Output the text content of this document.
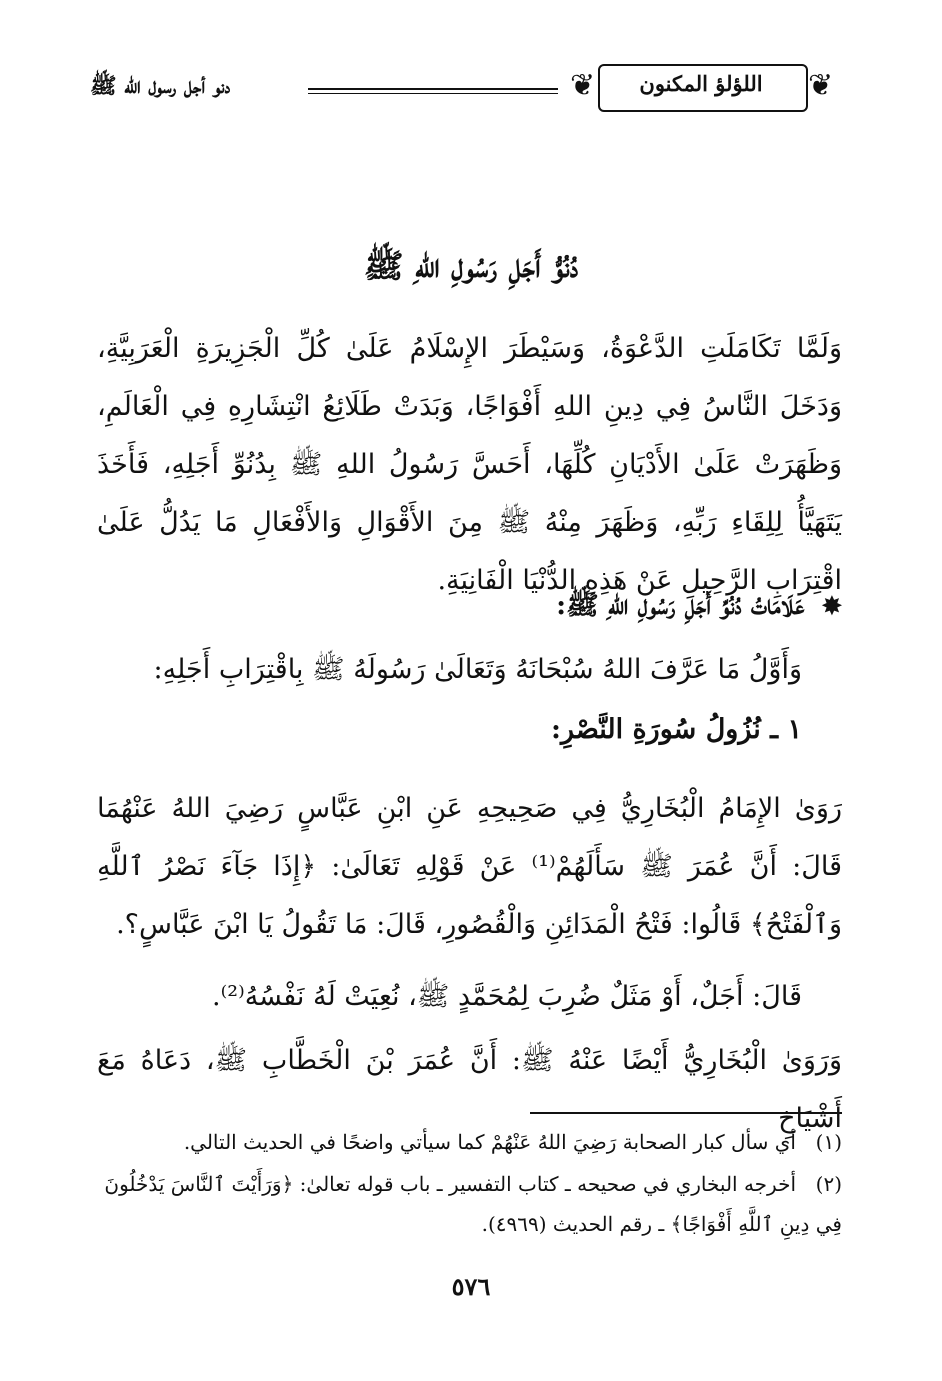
دنو أجل رسول الله ﷺ	❦	اللؤلؤ المكنون	❦
دُنُوُّ أَجَلِ رَسُولِ اللهِ ﷺ
وَلَمَّا تَكَامَلَتِ الدَّعْوَةُ، وَسَيْطَرَ الإِسْلَامُ عَلَىٰ كُلِّ الْجَزِيرَةِ الْعَرَبِيَّةِ، وَدَخَلَ النَّاسُ فِي دِينِ اللهِ أَفْوَاجًا، وَبَدَتْ طَلَائِعُ انْتِشَارِهِ فِي الْعَالَمِ، وَظَهَرَتْ عَلَىٰ الأَدْيَانِ كُلِّهَا، أَحَسَّ رَسُولُ اللهِ ﷺ بِدُنُوِّ أَجَلِهِ، فَأَخَذَ يَتَهَيَّأُ لِلِقَاءِ رَبِّهِ، وَظَهَرَ مِنْهُ ﷺ مِنَ الأَقْوَالِ وَالأَفْعَالِ مَا يَدُلُّ عَلَىٰ اقْتِرَابِ الرَّحِيلِ عَنْ هَذِهِ الدُّنْيَا الْفَانِيَةِ.
✸ عَلَامَاتُ دُنُوِّ أَجَلِ رَسُولِ اللهِ ﷺ:
وَأَوَّلُ مَا عَرَّفَ اللهُ سُبْحَانَهُ وَتَعَالَىٰ رَسُولَهُ ﷺ بِاقْتِرَابِ أَجَلِهِ:
١ ـ نُزُولُ سُورَةِ النَّصْرِ:
رَوَىٰ الإِمَامُ الْبُخَارِيُّ فِي صَحِيحِهِ عَنِ ابْنِ عَبَّاسٍ رَضِيَ اللهُ عَنْهُمَا قَالَ: أَنَّ عُمَرَ ﷺ سَأَلَهُمْ⁽¹⁾ عَنْ قَوْلِهِ تَعَالَىٰ: ﴿إِذَا جَآءَ نَصْرُ ٱللَّهِ وَٱلْفَتْحُ﴾ قَالُوا: فَتْحُ الْمَدَائِنِ وَالْقُصُورِ، قَالَ: مَا تَقُولُ يَا ابْنَ عَبَّاسٍ؟.
قَالَ: أَجَلٌ، أَوْ مَثَلٌ ضُرِبَ لِمُحَمَّدٍ ﷺ، نُعِيَتْ لَهُ نَفْسُهُ⁽²⁾.
وَرَوَىٰ الْبُخَارِيُّ أَيْضًا عَنْهُ ﷺ: أَنَّ عُمَرَ بْنَ الْخَطَّابِ ﷺ، دَعَاهُ مَعَ أَشْيَاخِ
(١)أي سأل كبار الصحابة رَضِيَ اللهُ عَنْهُمْ كما سيأتي واضحًا في الحديث التالي.
(٢)أخرجه البخاري في صحيحه ـ كتاب التفسير ـ باب قوله تعالىٰ: ﴿وَرَأَيْتَ ٱلنَّاسَ يَدْخُلُونَ فِي دِينِ ٱللَّهِ أَفْوَاجًا﴾ ـ رقم الحديث (٤٩٦٩).
٥٧٦
